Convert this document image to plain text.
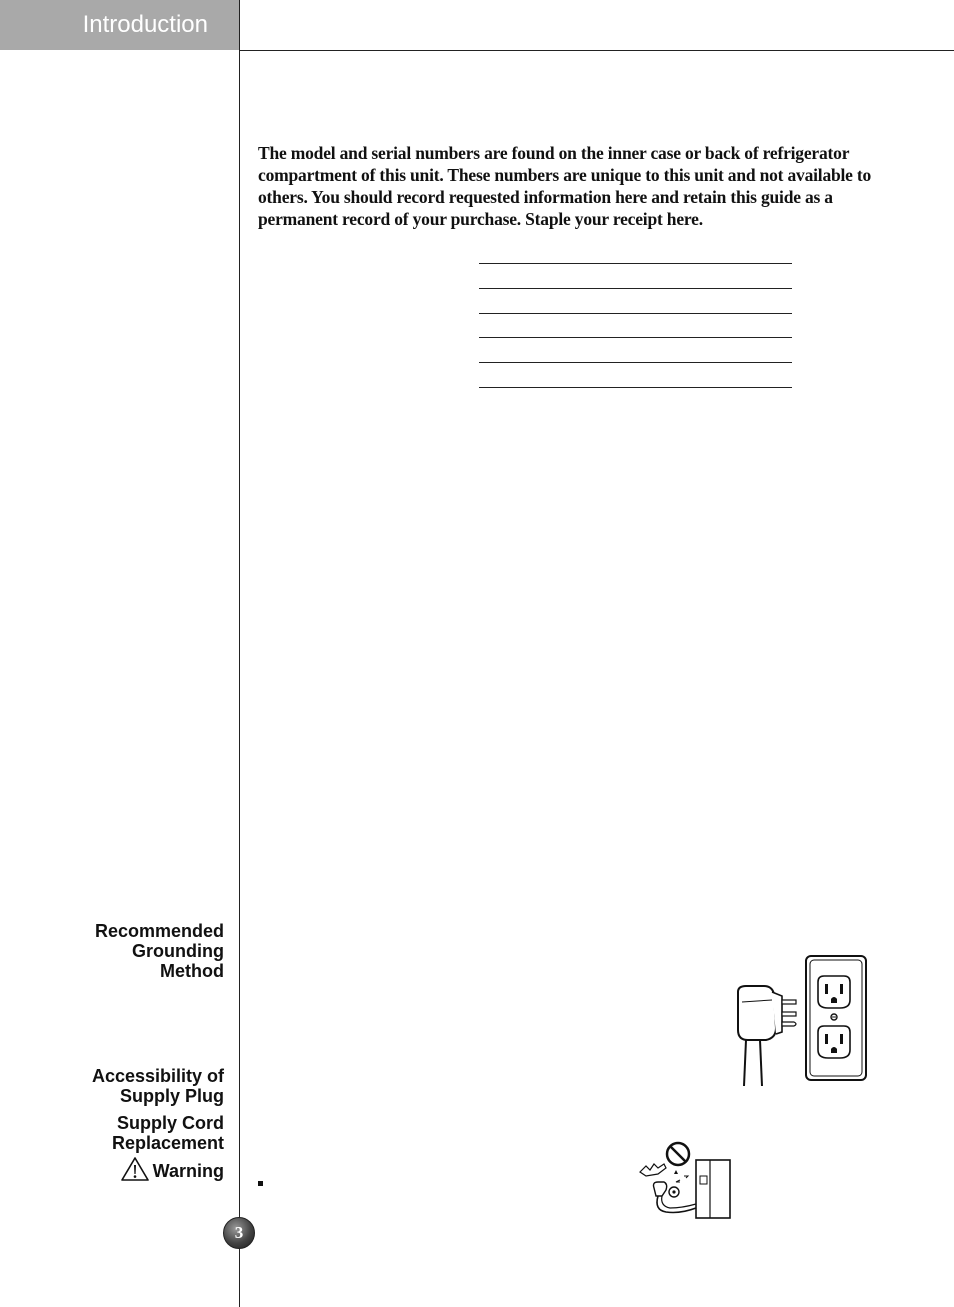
Introduction

The model and serial numbers are found on the inner case or back of refrigerator compartment of this unit. These numbers are unique to this unit and not available to others. You should record requested information here and retain this guide as a permanent record of your purchase. Staple your receipt here.

Recommended
Grounding
Method
Accessibility of
Supply Plug
Supply Cord
Replacement
Warning
3
